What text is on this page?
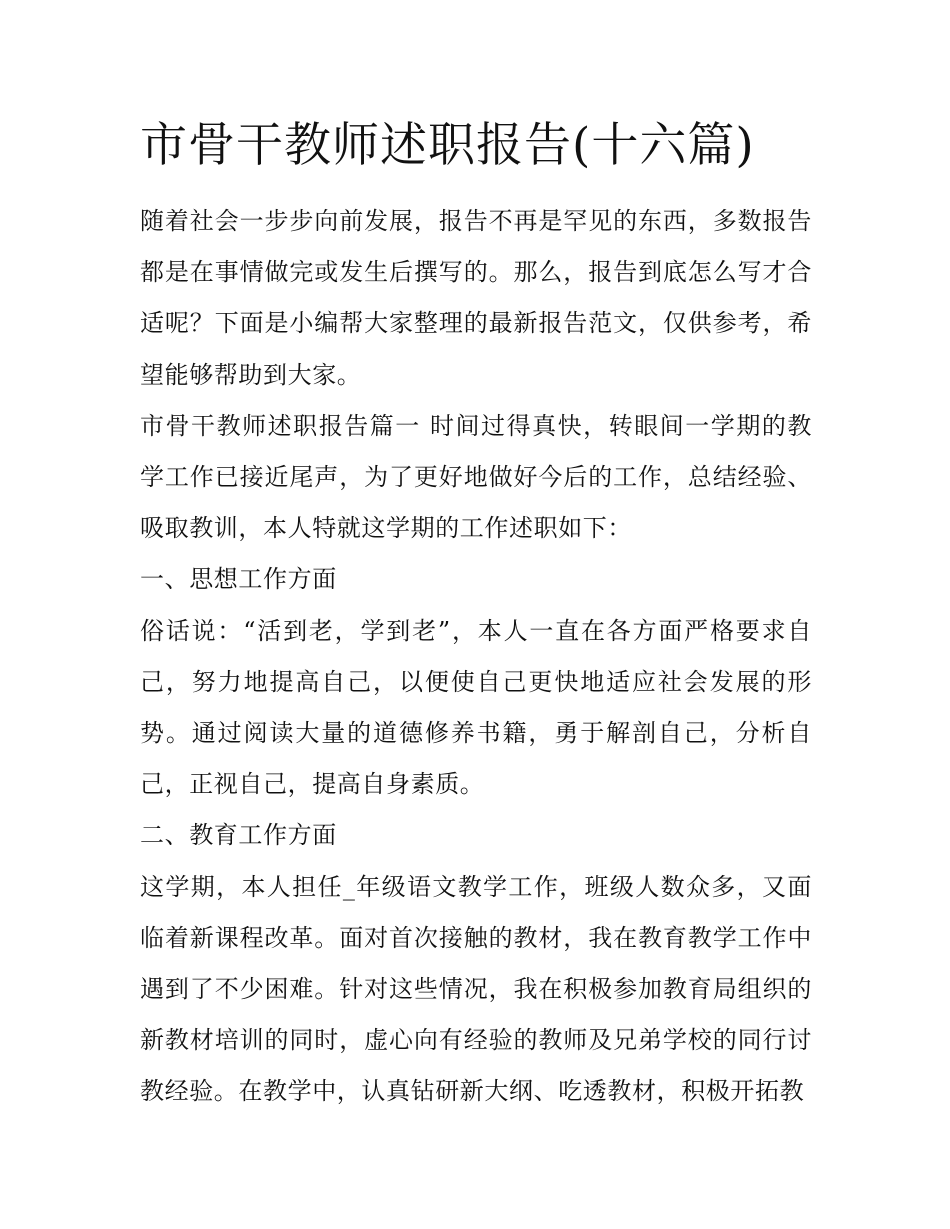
市骨干教师述职报告(十六篇)

随着社会一步步向前发展，报告不再是罕见的东西，多数报告都是在事情做完或发生后撰写的。那么，报告到底怎么写才合适呢？下面是小编帮大家整理的最新报告范文，仅供参考，希望能够帮助到大家。

市骨干教师述职报告篇一 时间过得真快，转眼间一学期的教学工作已接近尾声，为了更好地做好今后的工作，总结经验、吸取教训，本人特就这学期的工作述职如下：

一、思想工作方面

俗话说：“活到老，学到老”，本人一直在各方面严格要求自己，努力地提高自己，以便使自己更快地适应社会发展的形势。通过阅读大量的道德修养书籍，勇于解剖自己，分析自己，正视自己，提高自身素质。

二、教育工作方面

这学期，本人担任_年级语文教学工作，班级人数众多，又面临着新课程改革。面对首次接触的教材，我在教育教学工作中遇到了不少困难。针对这些情况，我在积极参加教育局组织的新教材培训的同时，虚心向有经验的教师及兄弟学校的同行讨教经验。在教学中，认真钻研新大纲、吃透教材，积极开拓教
